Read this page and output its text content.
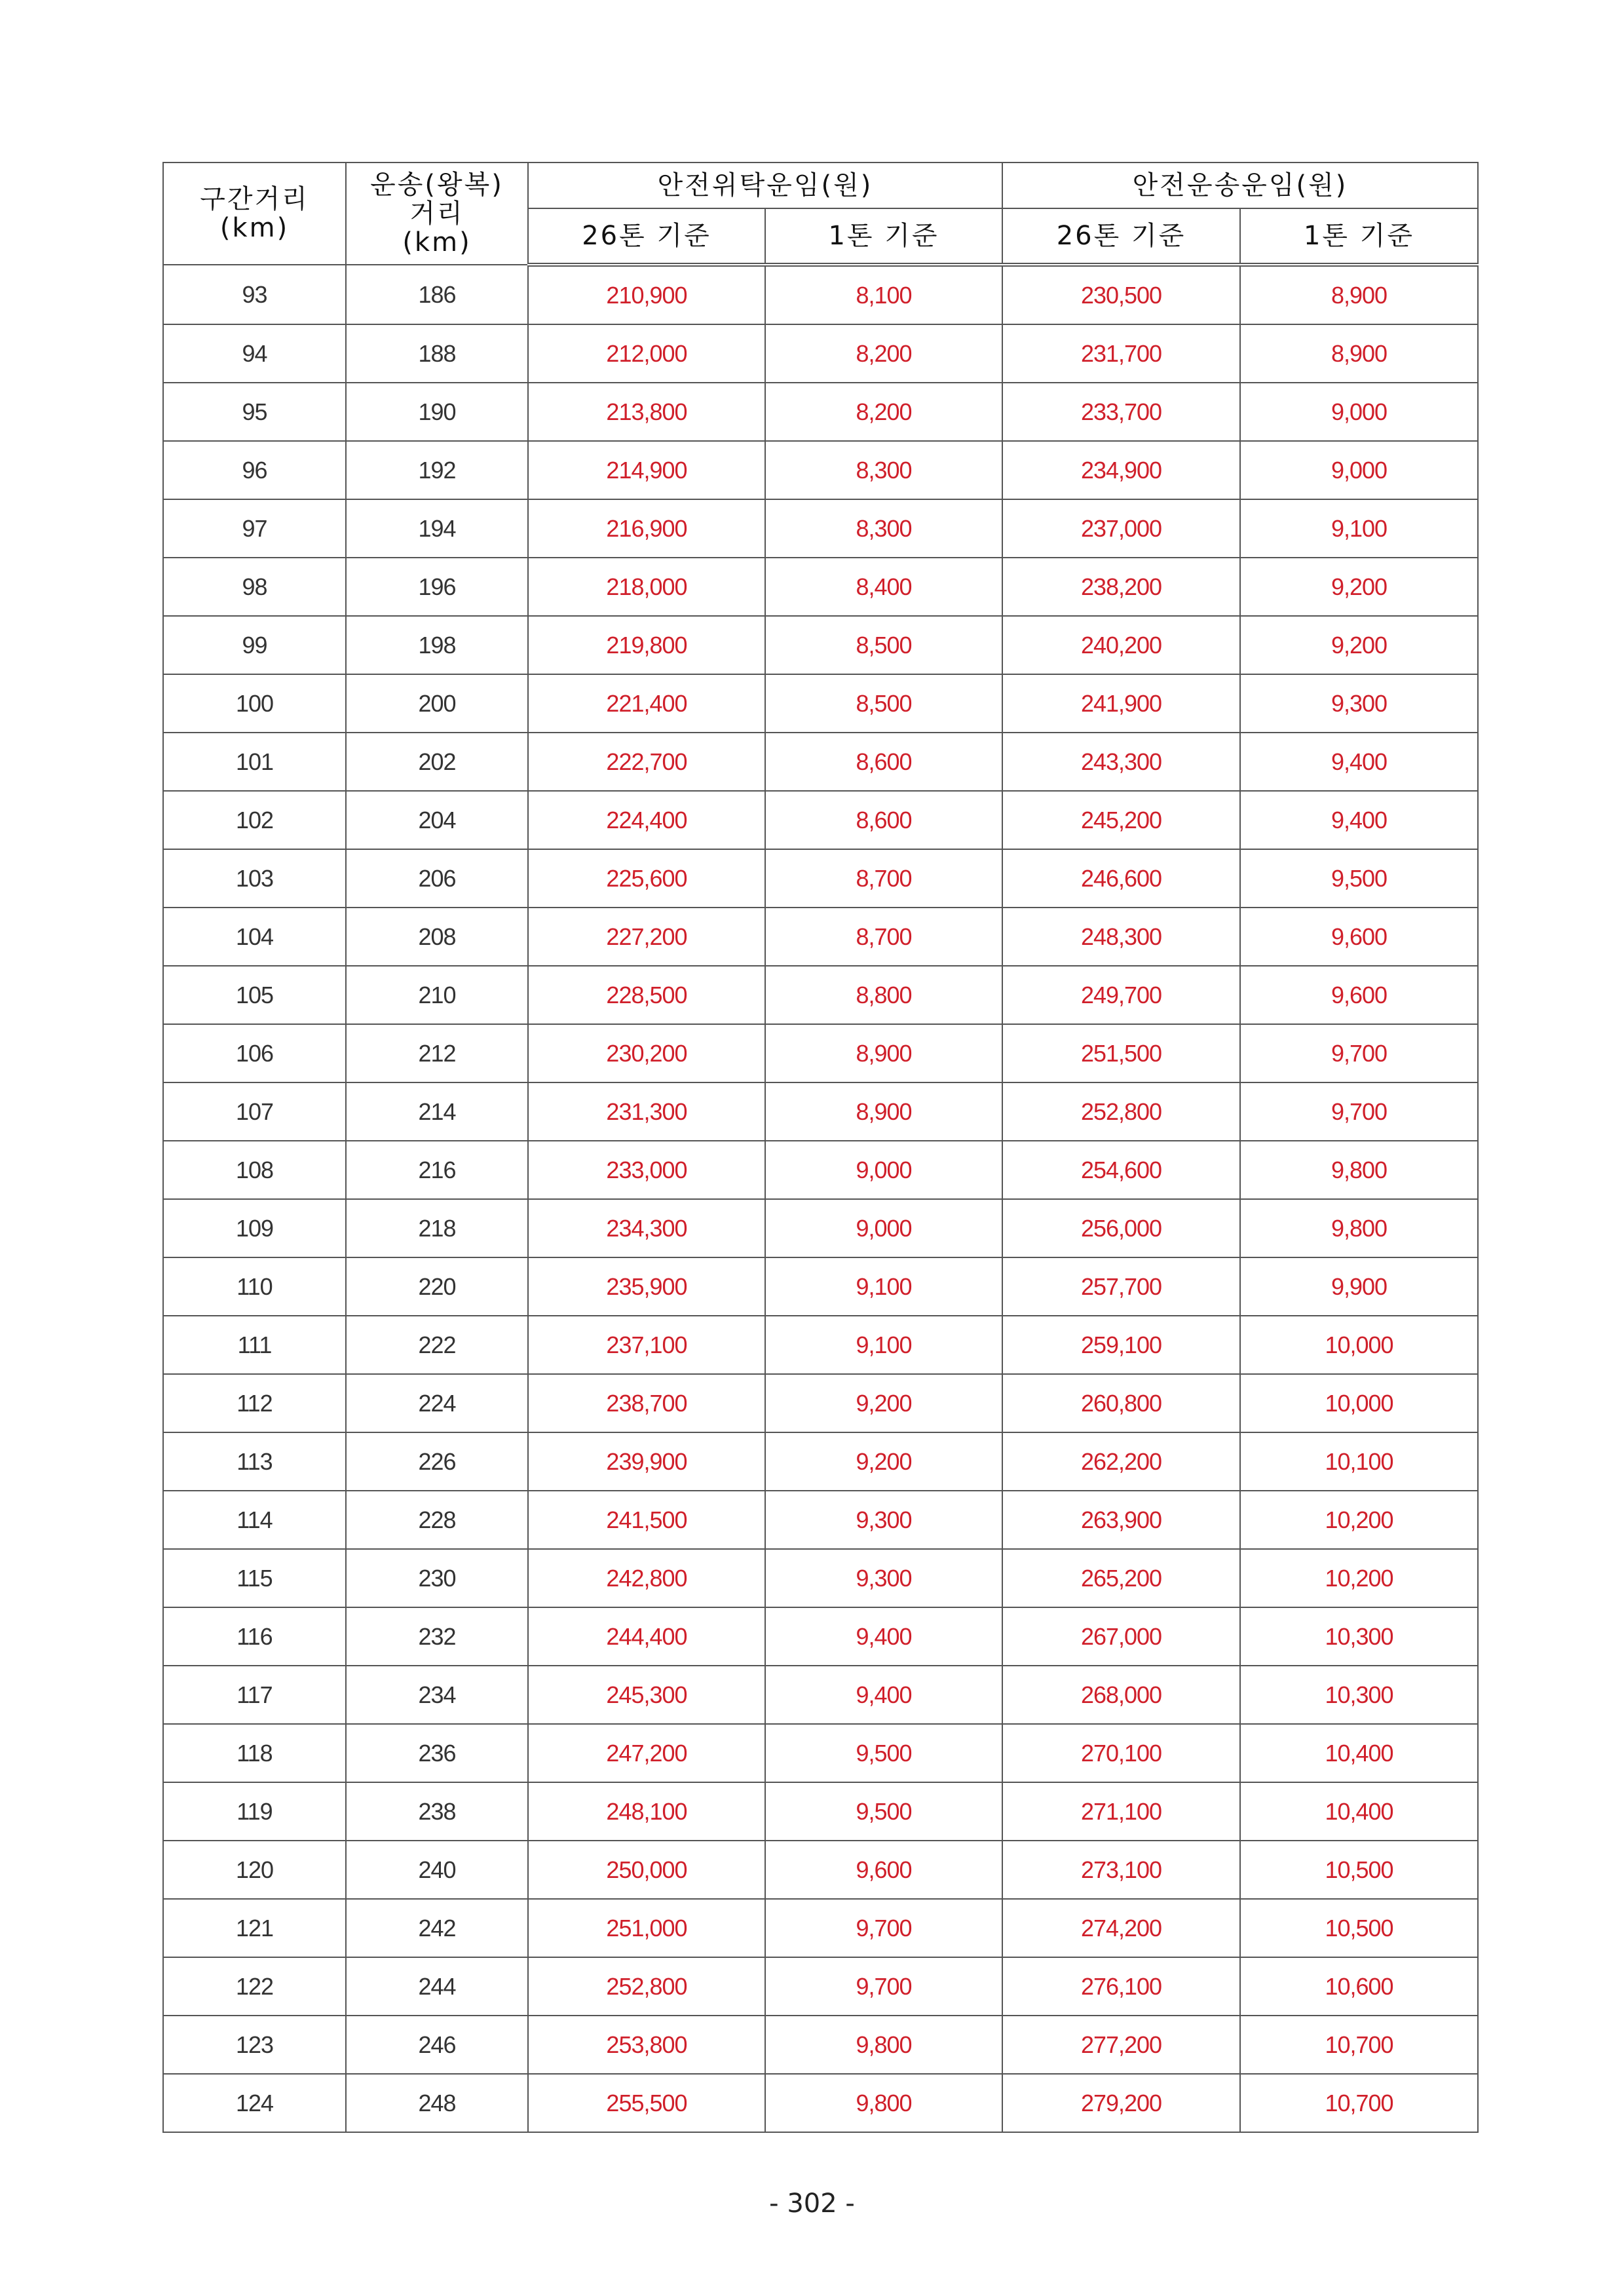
구간거리
(km)	운송(왕복)
거리
(km)	안전위탁운임(원)		안전운송운임(원)	
		26톤 기준	1톤 기준	26톤 기준	1톤 기준
93	186	210,900	8,100	230,500	8,900
94	188	212,000	8,200	231,700	8,900
95	190	213,800	8,200	233,700	9,000
96	192	214,900	8,300	234,900	9,000
97	194	216,900	8,300	237,000	9,100
98	196	218,000	8,400	238,200	9,200
99	198	219,800	8,500	240,200	9,200
100	200	221,400	8,500	241,900	9,300
101	202	222,700	8,600	243,300	9,400
102	204	224,400	8,600	245,200	9,400
103	206	225,600	8,700	246,600	9,500
104	208	227,200	8,700	248,300	9,600
105	210	228,500	8,800	249,700	9,600
106	212	230,200	8,900	251,500	9,700
107	214	231,300	8,900	252,800	9,700
108	216	233,000	9,000	254,600	9,800
109	218	234,300	9,000	256,000	9,800
110	220	235,900	9,100	257,700	9,900
111	222	237,100	9,100	259,100	10,000
112	224	238,700	9,200	260,800	10,000
113	226	239,900	9,200	262,200	10,100
114	228	241,500	9,300	263,900	10,200
115	230	242,800	9,300	265,200	10,200
116	232	244,400	9,400	267,000	10,300
117	234	245,300	9,400	268,000	10,300
118	236	247,200	9,500	270,100	10,400
119	238	248,100	9,500	271,100	10,400
120	240	250,000	9,600	273,100	10,500
121	242	251,000	9,700	274,200	10,500
122	244	252,800	9,700	276,100	10,600
123	246	253,800	9,800	277,200	10,700
124	248	255,500	9,800	279,200	10,700
- 302 -
